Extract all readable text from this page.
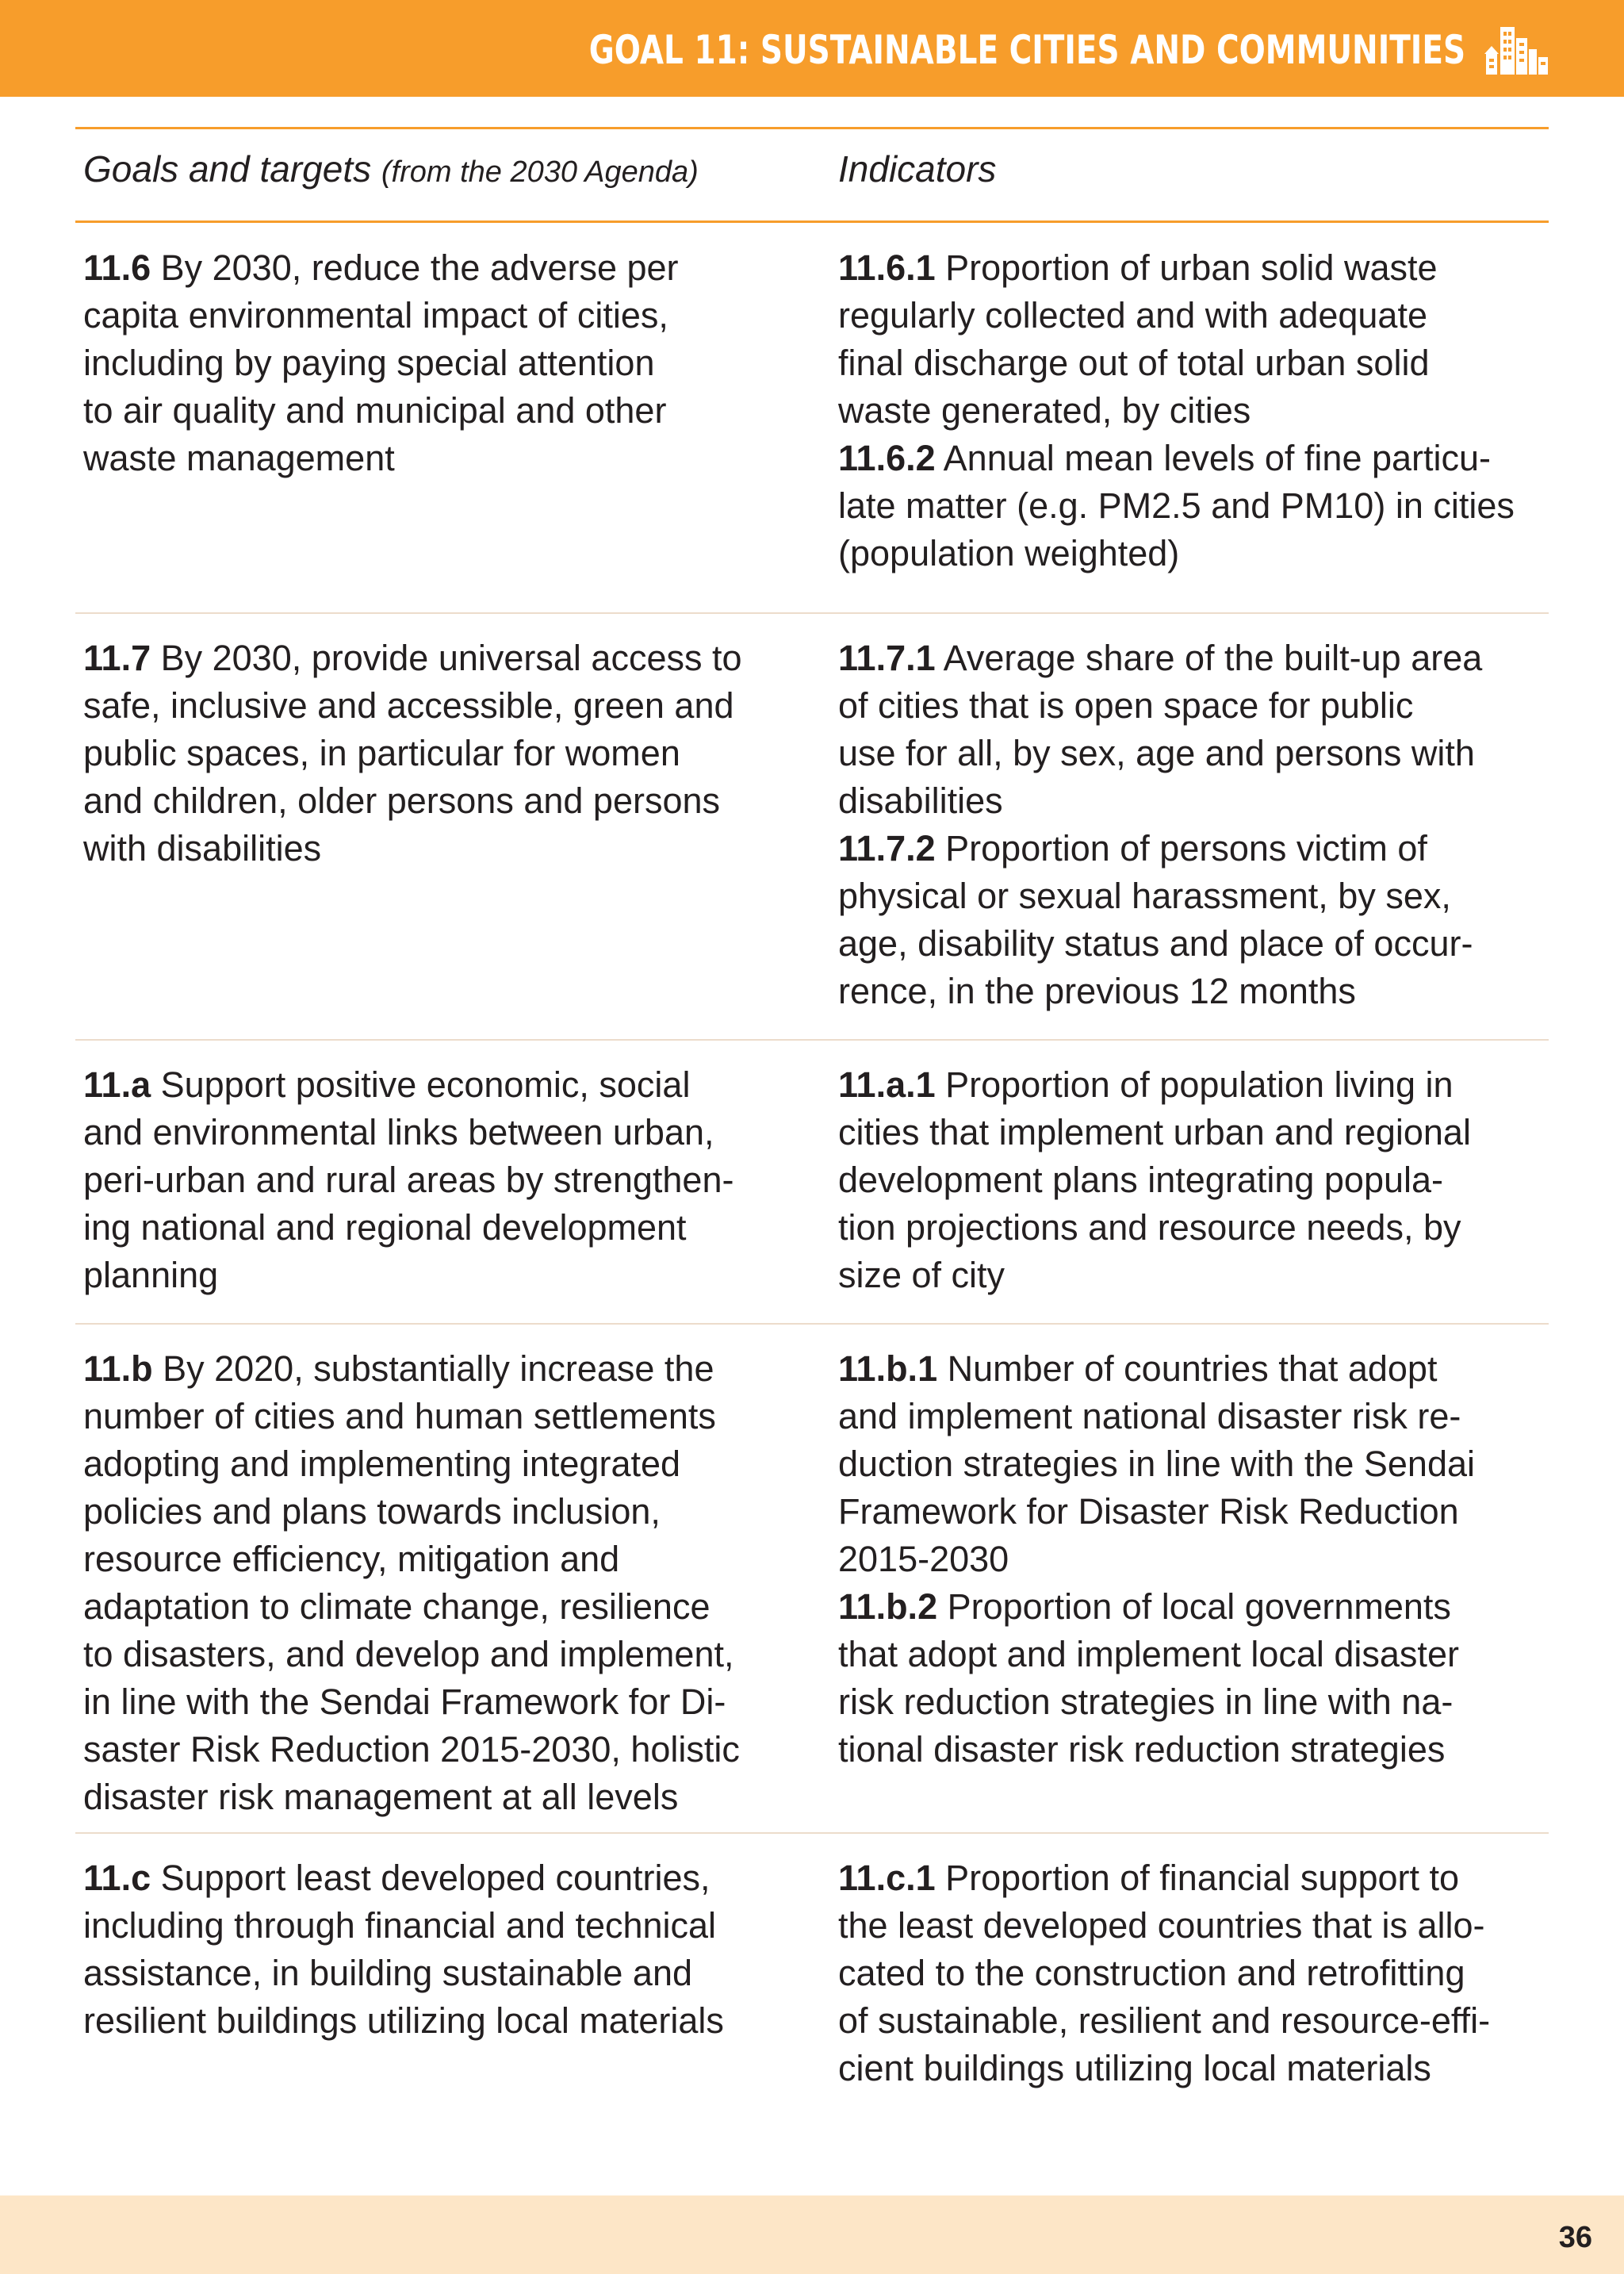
GOAL 11: SUSTAINABLE CITIES AND COMMUNITIES
Goals and targets (from the 2030 Agenda)	Indicators
11.6 By 2030, reduce the adverse per
capita environmental impact of cities,
including by paying special attention
to air quality and municipal and other
waste management
11.6.1 Proportion of urban solid waste
regularly collected and with adequate
final discharge out of total urban solid
waste generated, by cities
11.6.2 Annual mean levels of fine particu-
late matter (e.g. PM2.5 and PM10) in cities
(population weighted)
11.7 By 2030, provide universal access to
safe, inclusive and accessible, green and
public spaces, in particular for women
and children, older persons and persons
with disabilities
11.7.1 Average share of the built-up area
of cities that is open space for public
use for all, by sex, age and persons with
disabilities
11.7.2 Proportion of persons victim of
physical or sexual harassment, by sex,
age, disability status and place of occur-
rence, in the previous 12 months
11.a Support positive economic, social
and environmental links between urban,
peri-urban and rural areas by strengthen-
ing national and regional development
planning
11.a.1 Proportion of population living in
cities that implement urban and regional
development plans integrating popula-
tion projections and resource needs, by
size of city
11.b By 2020, substantially increase the
number of cities and human settlements
adopting and implementing integrated
policies and plans towards inclusion,
resource efficiency, mitigation and
adaptation to climate change, resilience
to disasters, and develop and implement,
in line with the Sendai Framework for Di-
saster Risk Reduction 2015-2030, holistic
disaster risk management at all levels
11.b.1 Number of countries that adopt
and implement national disaster risk re-
duction strategies in line with the Sendai
Framework for Disaster Risk Reduction
2015-2030
11.b.2 Proportion of local governments
that adopt and implement local disaster
risk reduction strategies in line with na-
tional disaster risk reduction strategies
11.c Support least developed countries,
including through financial and technical
assistance, in building sustainable and
resilient buildings utilizing local materials
11.c.1 Proportion of financial support to
the least developed countries that is allo-
cated to the construction and retrofitting
of sustainable, resilient and resource-effi-
cient buildings utilizing local materials
36
